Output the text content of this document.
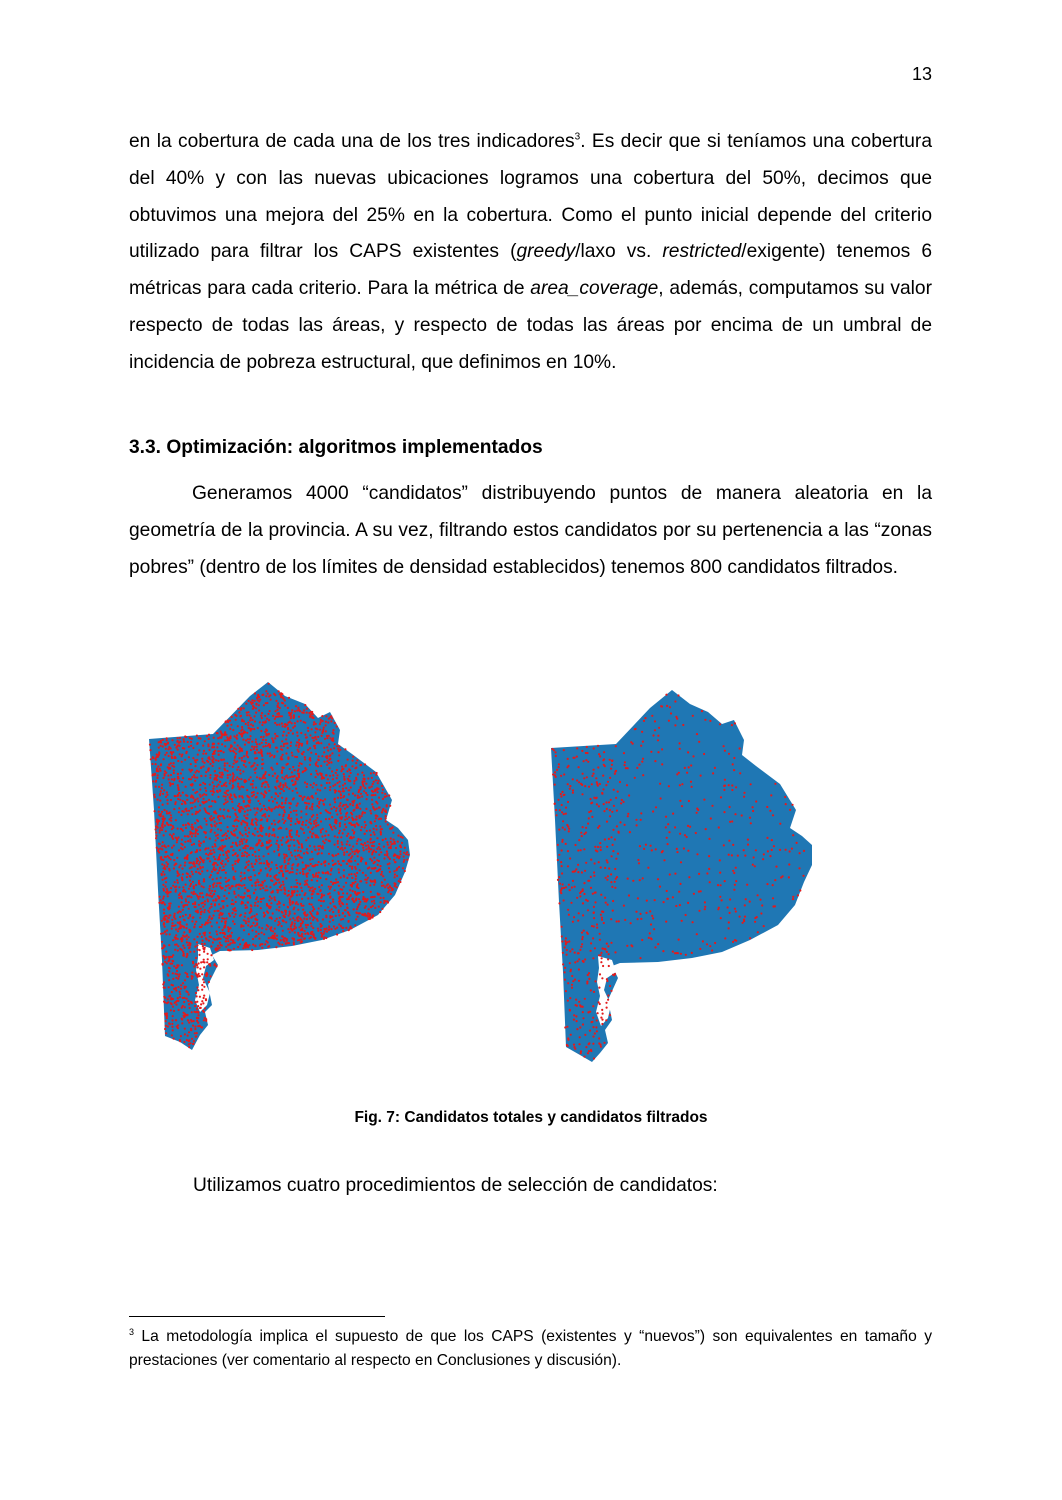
13

en la cobertura de cada una de los tres indicadores$^3$. Es decir que si teníamos una cobertura del 40% y con las nuevas ubicaciones logramos una cobertura del 50%, decimos que obtuvimos una mejora del 25% en la cobertura. Como el punto inicial depende del criterio utilizado para filtrar los CAPS existentes (greedy/laxo vs. restricted/exigente) tenemos 6 métricas para cada criterio. Para la métrica de area_coverage, además, computamos su valor respecto de todas las áreas, y respecto de todas las áreas por encima de un umbral de incidencia de pobreza estructural, que definimos en 10%.

3.3. Optimización: algoritmos implementados

Generamos 4000 “candidatos” distribuyendo puntos de manera aleatoria en la geometría de la provincia. A su vez, filtrando estos candidatos por su pertenencia a las “zonas pobres” (dentro de los límites de densidad establecidos) tenemos 800 candidatos filtrados.

Fig. 7: Candidatos totales y candidatos filtrados
Utilizamos cuatro procedimientos de selección de candidatos:
$^3$ La metodología implica el supuesto de que los CAPS (existentes y “nuevos”) son equivalentes en tamaño y prestaciones (ver comentario al respecto en Conclusiones y discusión).
